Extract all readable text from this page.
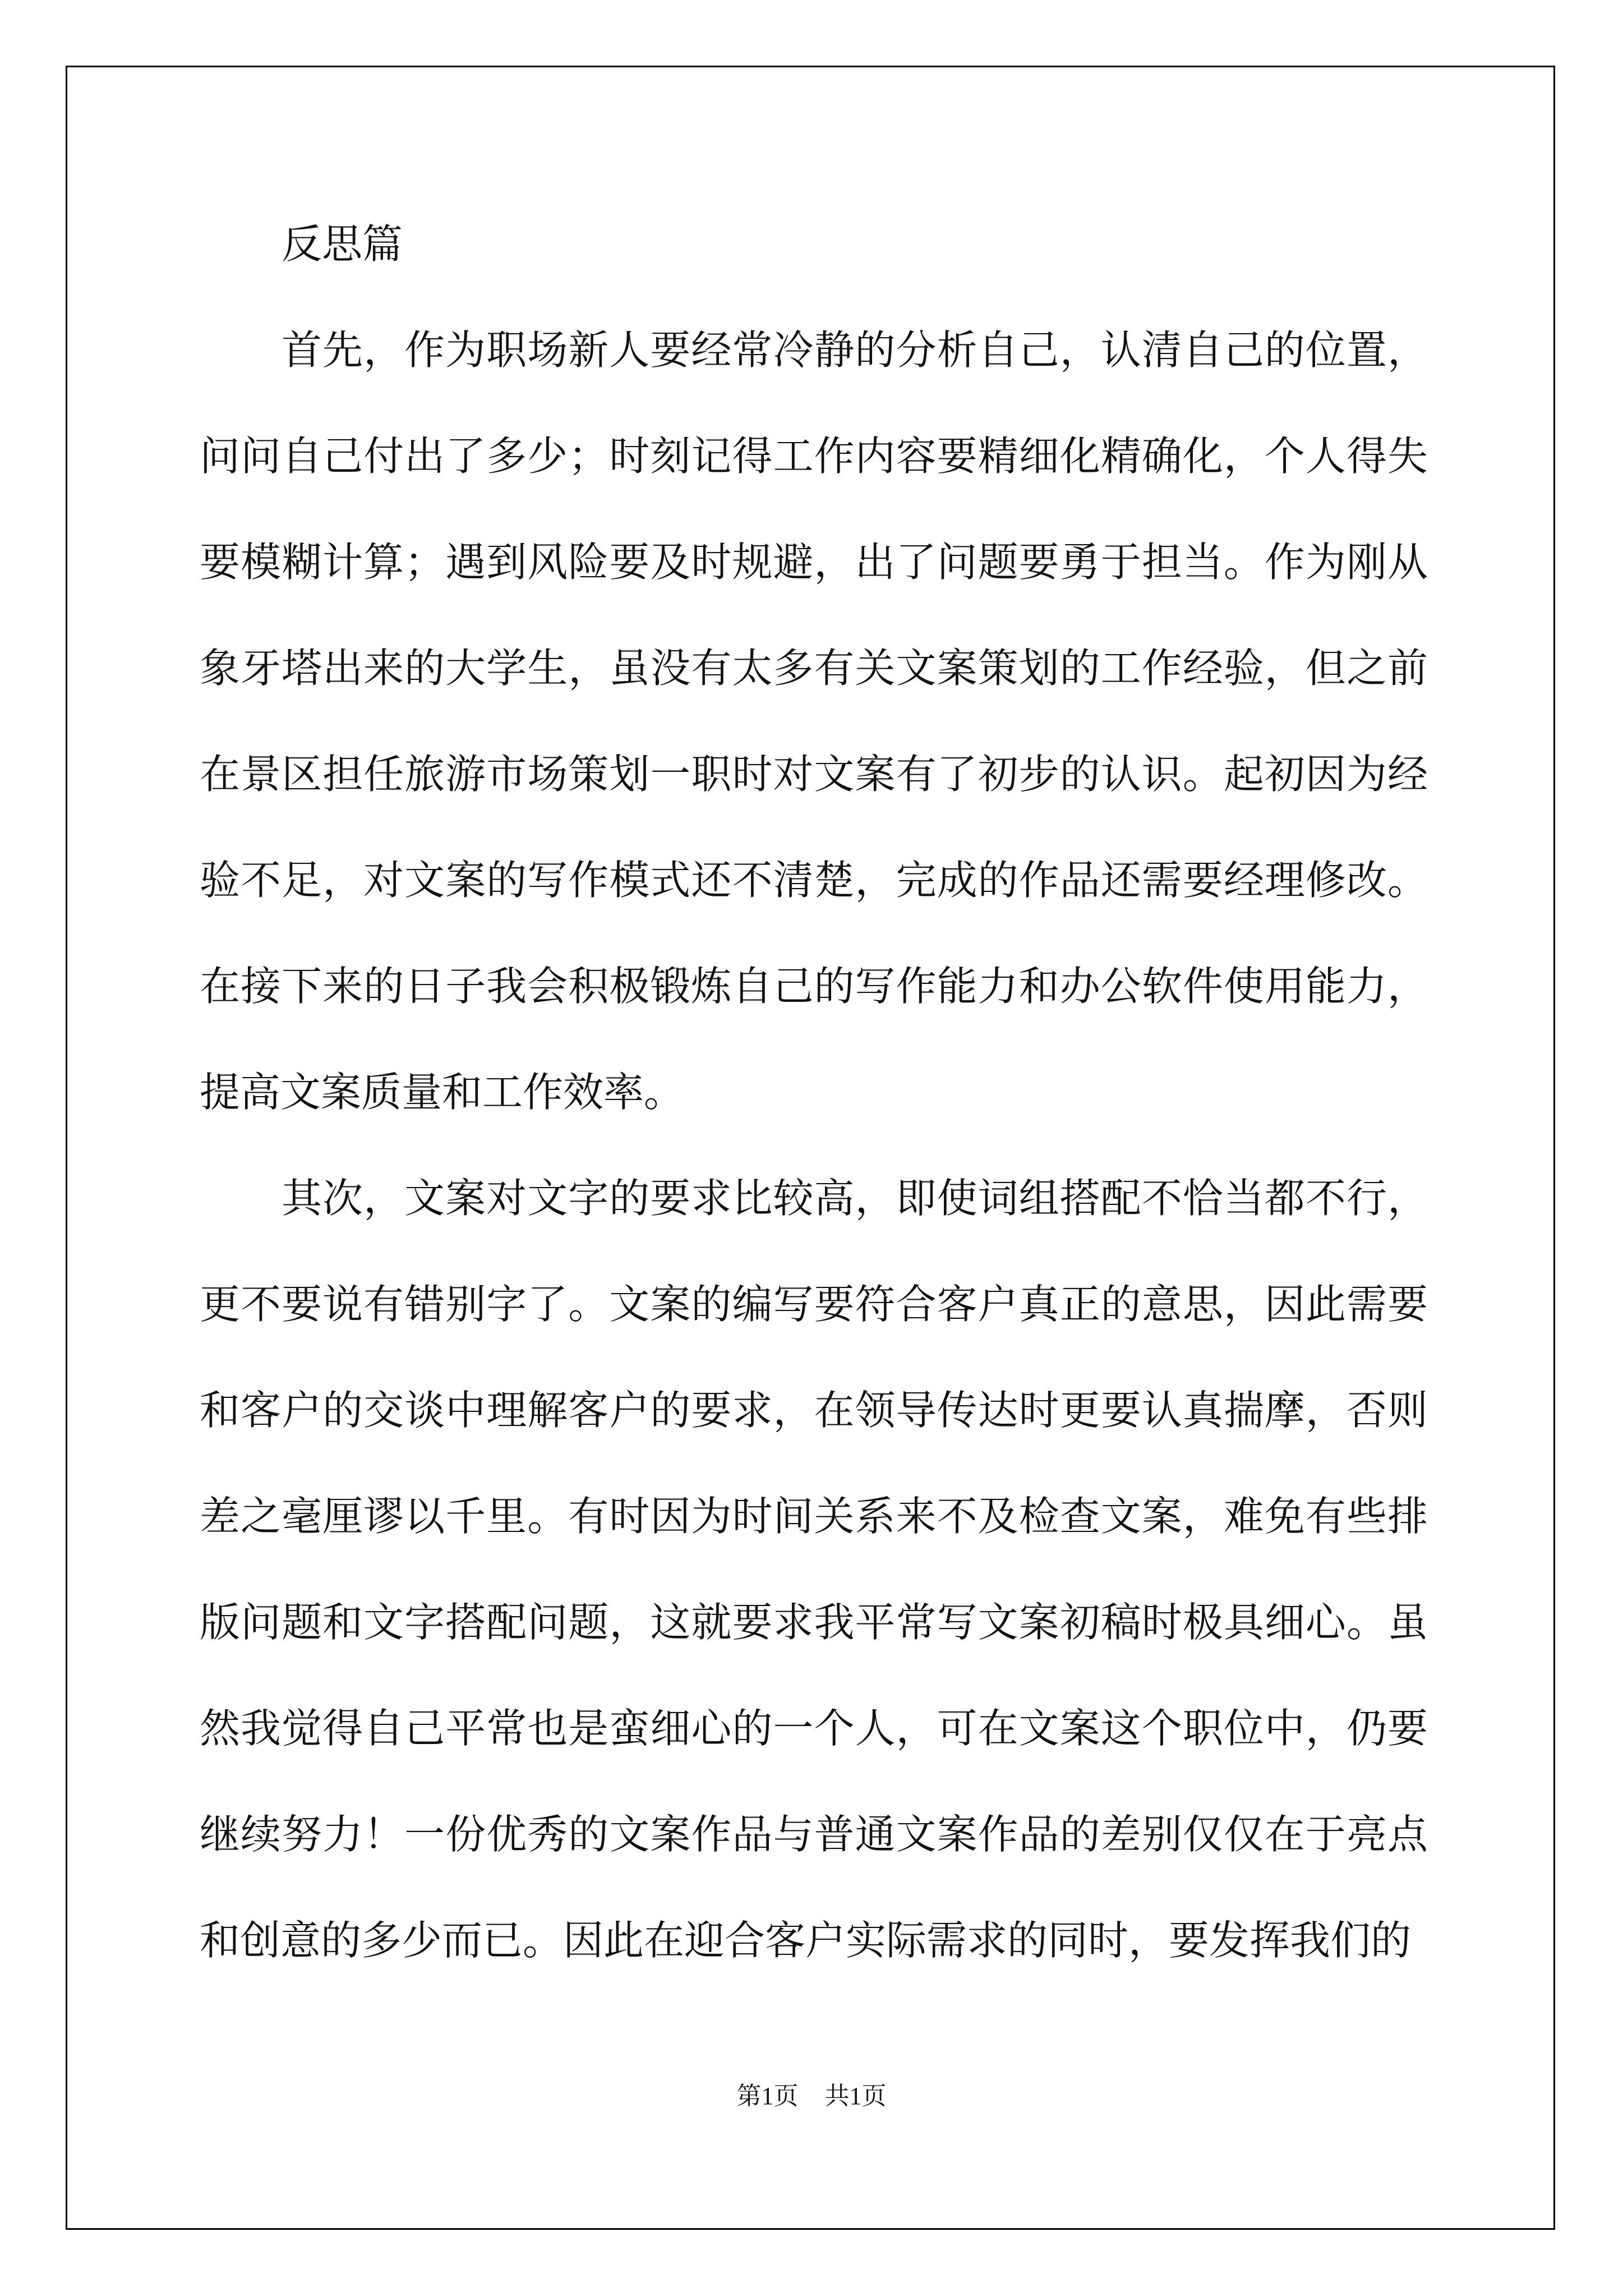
反思篇

首先，作为职场新人要经常冷静的分析自己，认清自己的位置，问问自己付出了多少；时刻记得工作内容要精细化精确化，个人得失要模糊计算；遇到风险要及时规避，出了问题要勇于担当。作为刚从象牙塔出来的大学生，虽没有太多有关文案策划的工作经验，但之前在景区担任旅游市场策划一职时对文案有了初步的认识。起初因为经验不足，对文案的写作模式还不清楚，完成的作品还需要经理修改。在接下来的日子我会积极锻炼自己的写作能力和办公软件使用能力，提高文案质量和工作效率。

其次，文案对文字的要求比较高，即使词组搭配不恰当都不行，更不要说有错别字了。文案的编写要符合客户真正的意思，因此需要和客户的交谈中理解客户的要求，在领导传达时更要认真揣摩，否则差之毫厘谬以千里。有时因为时间关系来不及检查文案，难免有些排版问题和文字搭配问题，这就要求我平常写文案初稿时极具细心。虽然我觉得自己平常也是蛮细心的一个人，可在文案这个职位中，仍要继续努力！一份优秀的文案作品与普通文案作品的差别仅仅在于亮点和创意的多少而已。因此在迎合客户实际需求的同时，要发挥我们的

第1页 共1页
